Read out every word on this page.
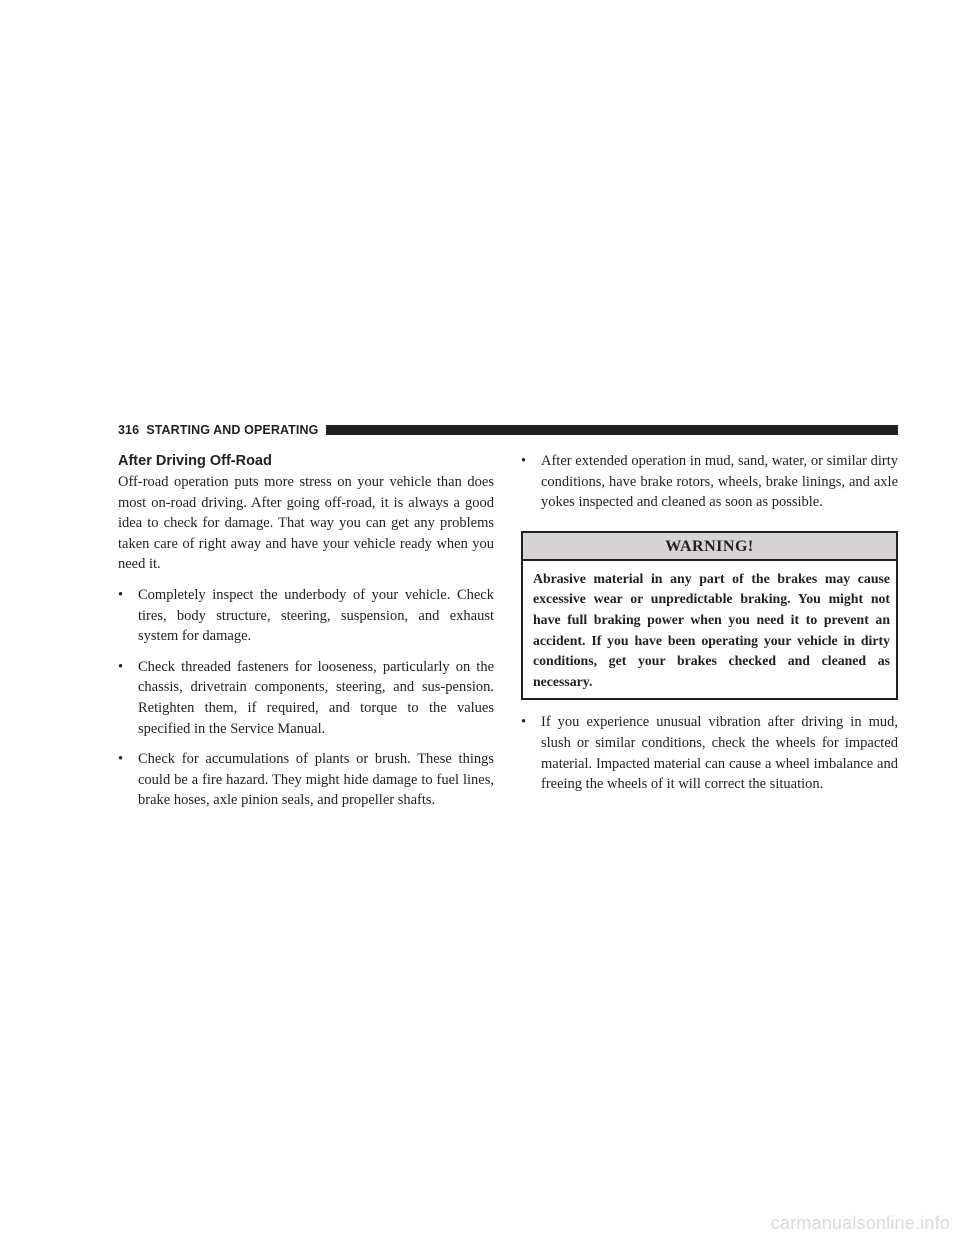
316 STARTING AND OPERATING
After Driving Off-Road

Off-road operation puts more stress on your vehicle than does most on-road driving. After going off-road, it is always a good idea to check for damage. That way you can get any problems taken care of right away and have your vehicle ready when you need it.

•	Completely inspect the underbody of your vehicle. Check tires, body structure, steering, suspension, and exhaust system for damage.
•	Check threaded fasteners for looseness, particularly on the chassis, drivetrain components, steering, and sus-pension. Retighten them, if required, and torque to the values specified in the Service Manual.
•	Check for accumulations of plants or brush. These things could be a fire hazard. They might hide damage to fuel lines, brake hoses, axle pinion seals, and propeller shafts.
•	After extended operation in mud, sand, water, or similar dirty conditions, have brake rotors, wheels, brake linings, and axle yokes inspected and cleaned as soon as possible.
WARNING!
Abrasive material in any part of the brakes may cause excessive wear or unpredictable braking. You might not have full braking power when you need it to prevent an accident. If you have been operating your vehicle in dirty conditions, get your brakes checked and cleaned as necessary.
•	If you experience unusual vibration after driving in mud, slush or similar conditions, check the wheels for impacted material. Impacted material can cause a wheel imbalance and freeing the wheels of it will correct the situation.
carmanualsonline.info
